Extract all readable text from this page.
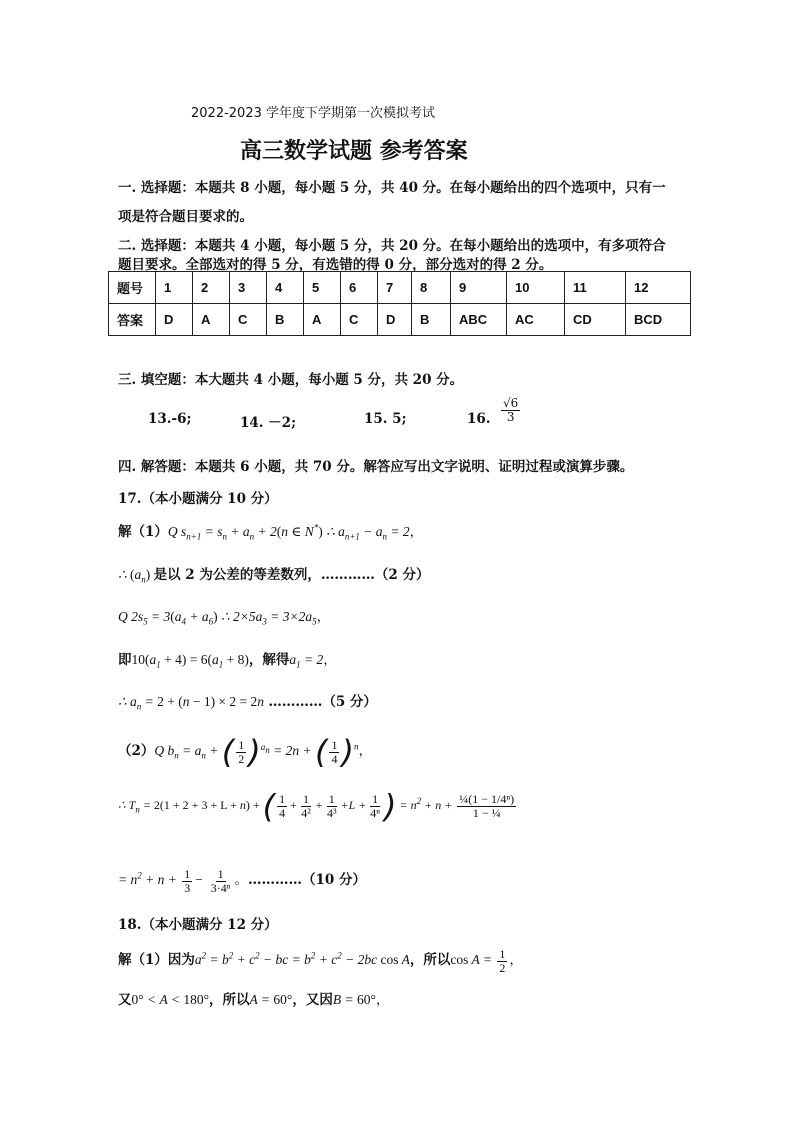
2022-2023 学年度下学期第一次模拟考试
高三数学试题 参考答案
一. 选择题：本题共 8 小题，每小题 5 分，共 40 分。在每小题给出的四个选项中，只有一
项是符合题目要求的。
二. 选择题：本题共 4 小题，每小题 5 分，共 20 分。在每小题给出的选项中，有多项符合
题目要求。全部选对的得 5 分，有选错的得 0 分，部分选对的得 2 分。
题号	1	2	3	4	5	6	7	8	9	10	11	12
答案	D	A	C	B	A	C	D	B	ABC	AC	CD	BCD
三. 填空题：本大题共 4 小题，每小题 5 分，共 20 分。
13.-6;	14. －2;	15. 5;	16. $\frac{√6}{3}$
四. 解答题：本题共 6 小题，共 70 分。解答应写出文字说明、证明过程或演算步骤。
17.（本小题满分 10 分）
解（1）Q $s_{n+1} = s_n + a_n + 2(n$ ∈ N*) ∴ $a_{n+1} - a_n = 2$，
∴ $(a_n)$ 是以 2 为公差的等差数列，…………（2 分）
Q $2s_5 = 3(a_4 + a_6)$ ∴ $2\times 5a_3 = 3\times 2a_5$，
即$10(a_1 + 4) = 6(a_1 + 8)$，解得$a_1 = 2$，
∴ $a_n = 2 + (n - 1) \times 2 = 2n$ …………（5 分）
（2）Q $b_n = a_n$ + ( $\frac{1}{2} )^{a_n} = 2n$ + ( $\frac{1}{4} )^n$，
∴ $T_n = 2(1 + 2 + 3 + L + n)$ + ( $\frac{1}{4} + \frac{1}{\text{4²}} + \frac{1}{\text{4³}} +L + \frac{1}{\text{4ⁿ}}$ ) = $n^2 + n + \frac{\text{¼(1 − 1/4ⁿ)}}{\text{1 − ¼}}$
= $n^2 + n + \frac{1}{3} - \frac{1}{\text{3·4ⁿ}}$ 。…………（10 分）
18.（本小题满分 12 分）
解（1）因为$a^2 = b^2 + c^2$ − bc = $b^2 + c^2 - 2bc$ cos A，所以$\cos A = \frac{1}{2}$ ，
又0° < A < 180°，所以A = 60°，又因B = 60°，
